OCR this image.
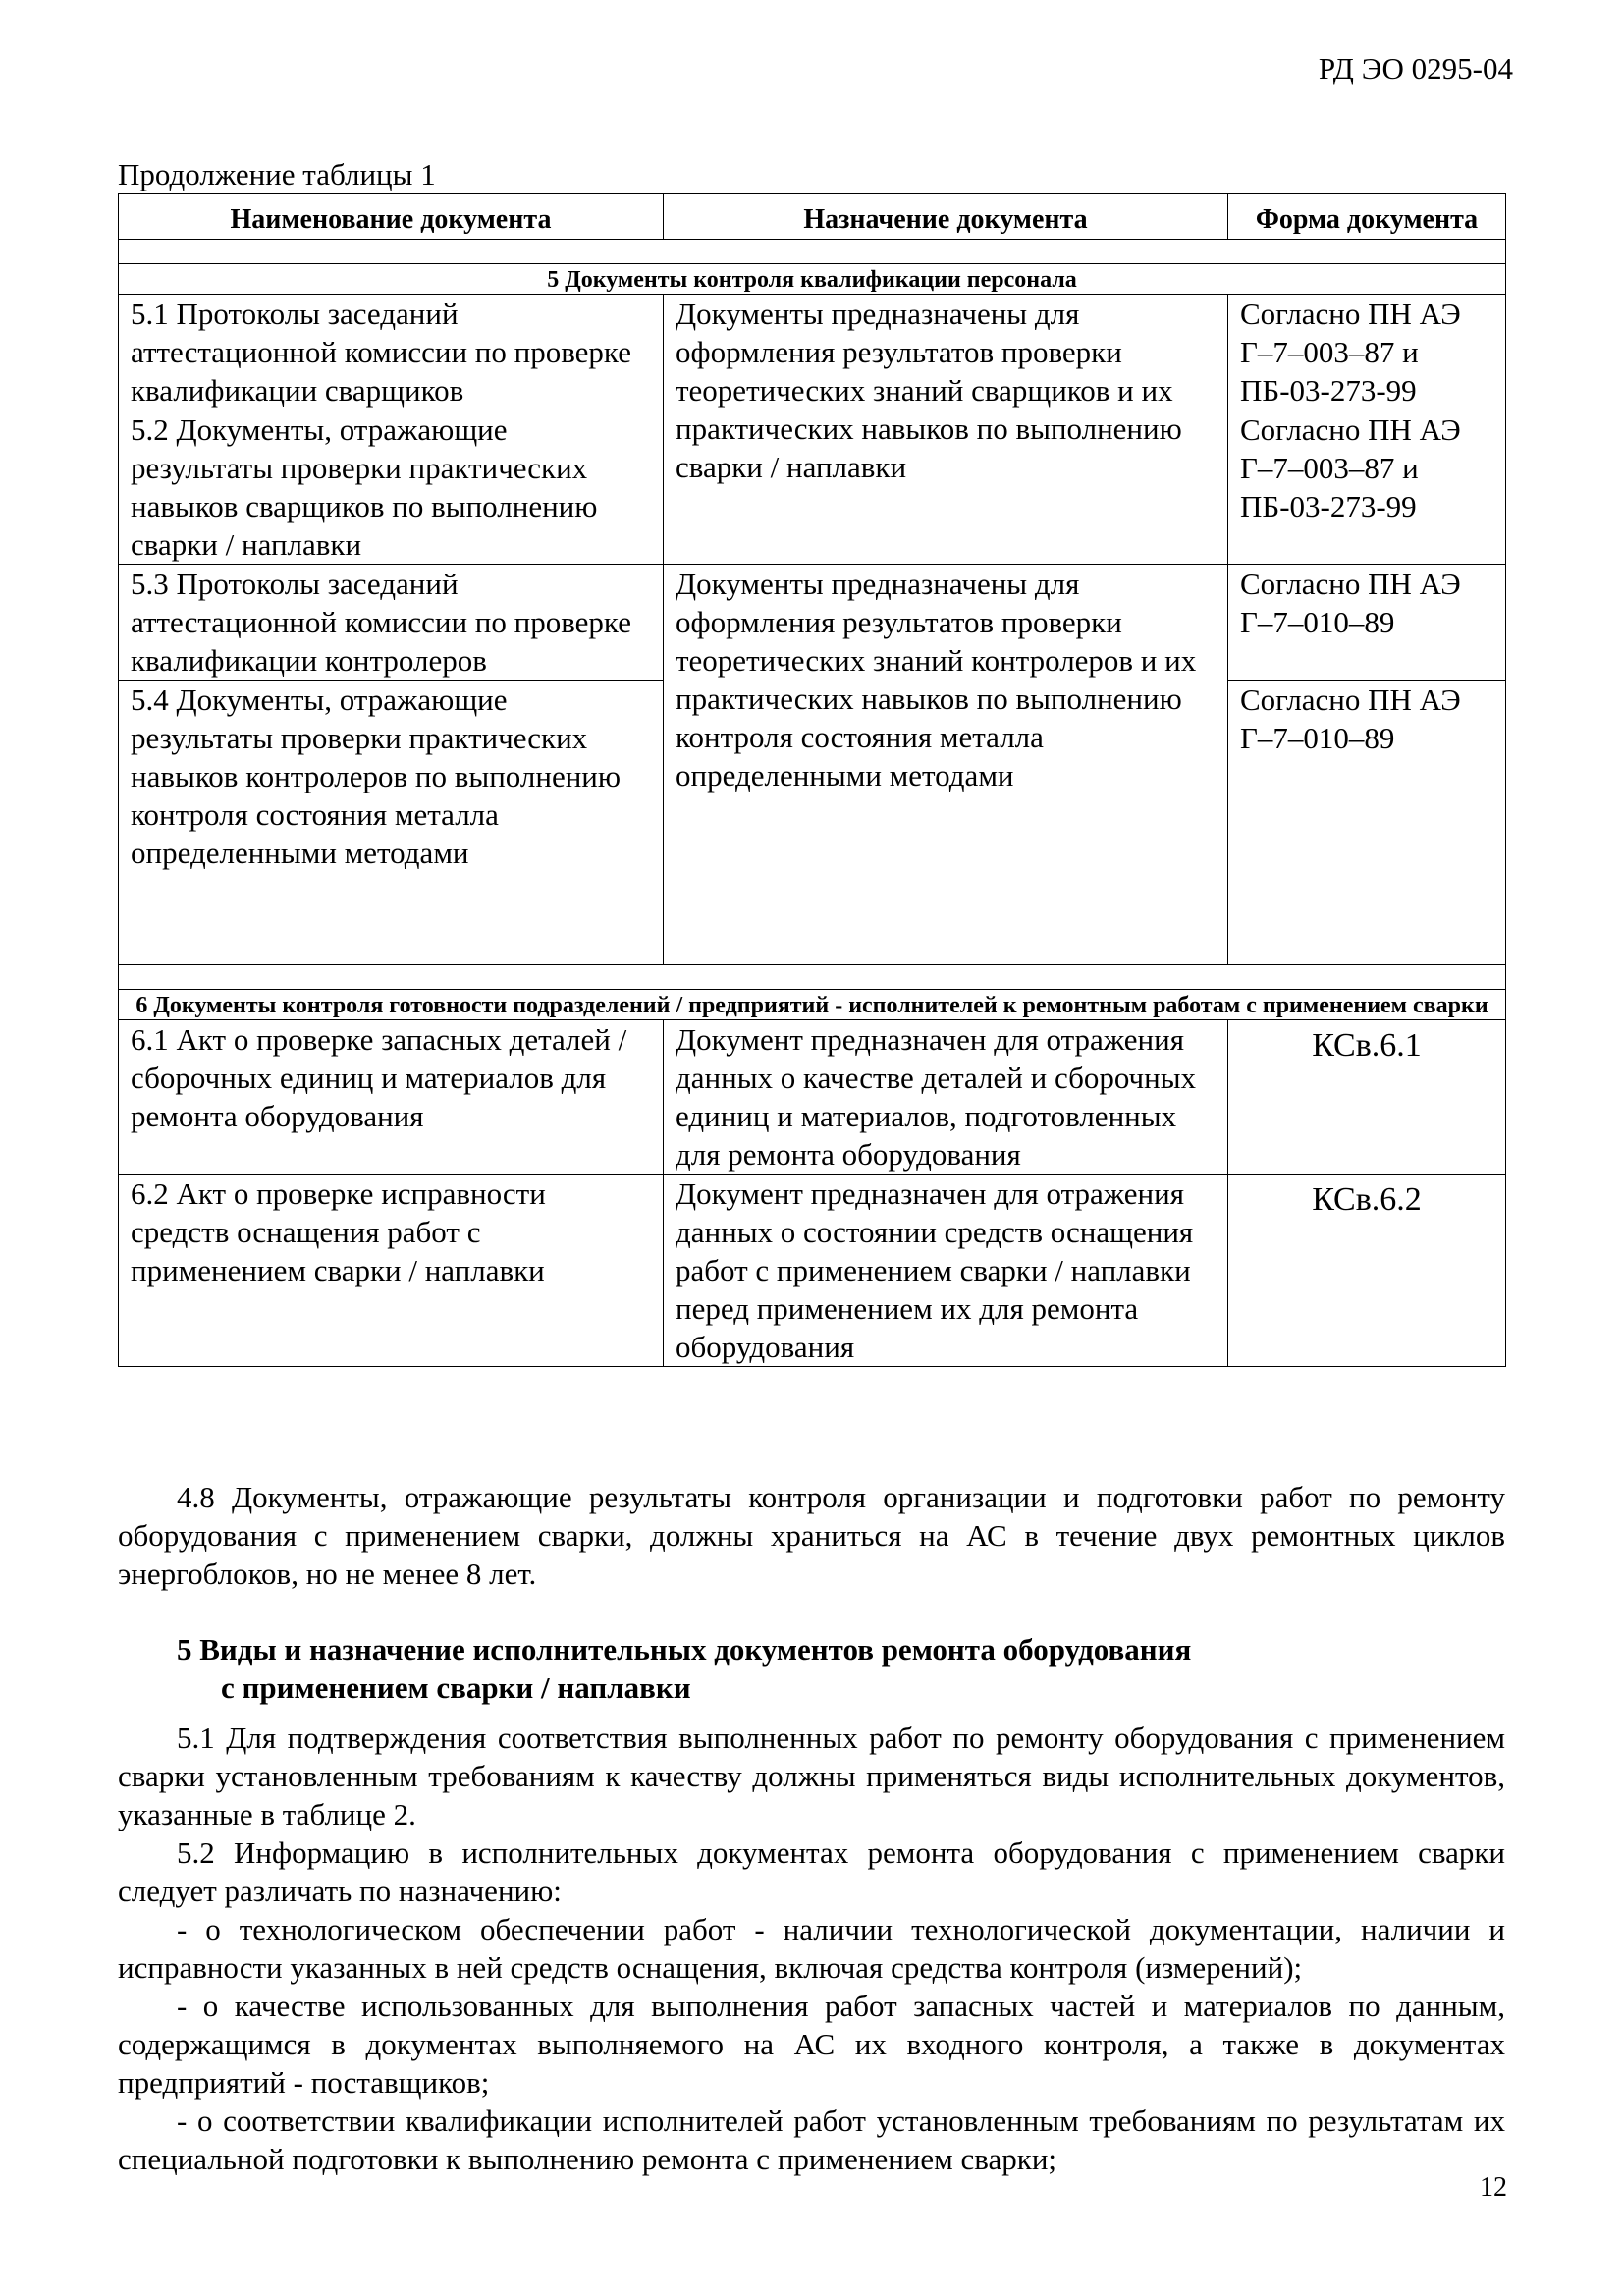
РД ЭО 0295-04
Продолжение таблицы 1
Наименование документа	Назначение документа	Форма документа

5 Документы контроля квалификации персонала		
5.1 Протоколы заседаний аттестационной комиссии по проверке квалификации сварщиков	Документы предназначены для оформления результатов проверки теоретических знаний сварщиков и их практических навыков по выполнению сварки / наплавки	Согласно ПН АЭ Г–7–003–87 и ПБ-03-273-99
5.2 Документы, отражающие результаты проверки практических навыков сварщиков по выполнению сварки / наплавки		Согласно ПН АЭ Г–7–003–87 и ПБ-03-273-99
5.3 Протоколы заседаний аттестационной комиссии по проверке квалификации контролеров	Документы предназначены для оформления результатов проверки теоретических знаний контролеров и их практических навыков по выполнению контроля состояния металла определенными методами	Согласно ПН АЭ Г–7–010–89
5.4 Документы, отражающие результаты проверки практических навыков контролеров по выполнению контроля состояния металла определенными методами		Согласно ПН АЭ Г–7–010–89

6 Документы контроля готовности подразделений / предприятий - исполнителей к ремонтным работам с применением сварки		
6.1 Акт о проверке запасных деталей / сборочных единиц и материалов для ремонта оборудования	Документ предназначен для отражения данных о качестве деталей и сборочных единиц и материалов, подготовленных для ремонта оборудования	КСв.6.1
6.2 Акт о проверке исправности средств оснащения работ с применением сварки / наплавки	Документ предназначен для отражения данных о состоянии средств оснащения работ с применением сварки / наплавки перед применением их для ремонта оборудования	КСв.6.2

4.8 Документы, отражающие результаты контроля организации и подготовки работ по ремонту оборудования с применением сварки, должны храниться на АС в течение двух ремонтных циклов энергоблоков, но не менее 8 лет.

5 Виды и назначение исполнительных документов ремонта оборудования
с применением сварки / наплавки

5.1 Для подтверждения соответствия выполненных работ по ремонту оборудования с применением сварки установленным требованиям к качеству должны применяться виды исполнительных документов, указанные в таблице 2.

5.2 Информацию в исполнительных документах ремонта оборудования с применением сварки следует различать по назначению:

- о технологическом обеспечении работ - наличии технологической документации, наличии и исправности указанных в ней средств оснащения, включая средства контроля (измерений);

- о качестве использованных для выполнения работ запасных частей и материалов по данным, содержащимся в документах выполняемого на АС их входного контроля, а также в документах предприятий - поставщиков;

- о соответствии квалификации исполнителей работ установленным требованиям по результатам их специальной подготовки к выполнению ремонта с применением сварки;

12
